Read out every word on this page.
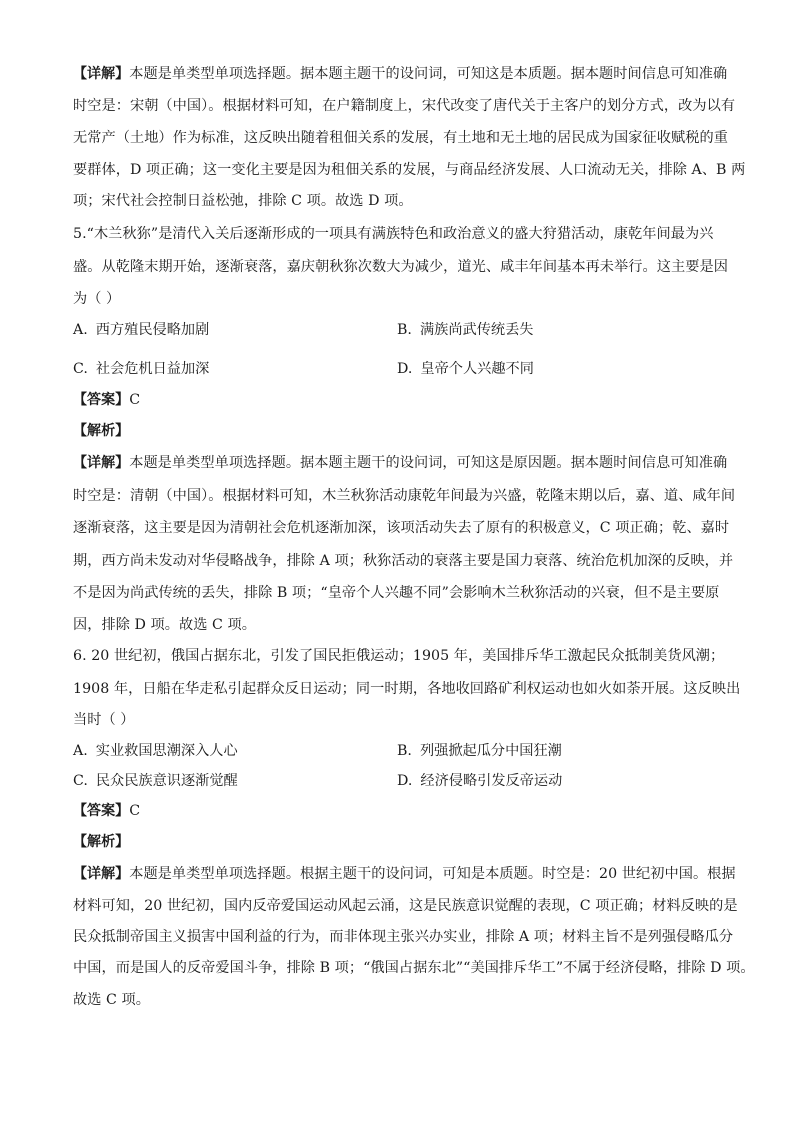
【详解】本题是单类型单项选择题。据本题主题干的设问词，可知这是本质题。据本题时间信息可知准确
时空是：宋朝（中国）。根据材料可知，在户籍制度上，宋代改变了唐代关于主客户的划分方式，改为以有
无常产（土地）作为标准，这反映出随着租佃关系的发展，有土地和无土地的居民成为国家征收赋税的重
要群体，D 项正确；这一变化主要是因为租佃关系的发展，与商品经济发展、人口流动无关，排除 A、B 两
项；宋代社会控制日益松弛，排除 C 项。故选 D 项。
5.“木兰秋狝”是清代入关后逐渐形成的一项具有满族特色和政治意义的盛大狩猎活动，康乾年间最为兴
盛。从乾隆末期开始，逐渐衰落，嘉庆朝秋狝次数大为减少，道光、咸丰年间基本再未举行。这主要是因
为（ ）
A. 西方殖民侵略加剧	B. 满族尚武传统丢失
C. 社会危机日益加深	D. 皇帝个人兴趣不同
【答案】C
【解析】
【详解】本题是单类型单项选择题。据本题主题干的设问词，可知这是原因题。据本题时间信息可知准确
时空是：清朝（中国）。根据材料可知，木兰秋狝活动康乾年间最为兴盛，乾隆末期以后，嘉、道、咸年间
逐渐衰落，这主要是因为清朝社会危机逐渐加深，该项活动失去了原有的积极意义，C 项正确；乾、嘉时
期，西方尚未发动对华侵略战争，排除 A 项；秋狝活动的衰落主要是国力衰落、统治危机加深的反映，并
不是因为尚武传统的丢失，排除 B 项；“皇帝个人兴趣不同”会影响木兰秋狝活动的兴衰，但不是主要原
因，排除 D 项。故选 C 项。
6. 20 世纪初，俄国占据东北，引发了国民拒俄运动；1905 年，美国排斥华工激起民众抵制美货风潮；
1908 年，日船在华走私引起群众反日运动；同一时期，各地收回路矿利权运动也如火如荼开展。这反映出
当时（ ）
A. 实业救国思潮深入人心	B. 列强掀起瓜分中国狂潮
C. 民众民族意识逐渐觉醒	D. 经济侵略引发反帝运动
【答案】C
【解析】
【详解】本题是单类型单项选择题。根据主题干的设问词，可知是本质题。时空是：20 世纪初中国。根据
材料可知，20 世纪初，国内反帝爱国运动风起云涌，这是民族意识觉醒的表现，C 项正确；材料反映的是
民众抵制帝国主义损害中国利益的行为，而非体现主张兴办实业，排除 A 项；材料主旨不是列强侵略瓜分
中国，而是国人的反帝爱国斗争，排除 B 项；“俄国占据东北”“美国排斥华工”不属于经济侵略，排除 D 项。
故选 C 项。
